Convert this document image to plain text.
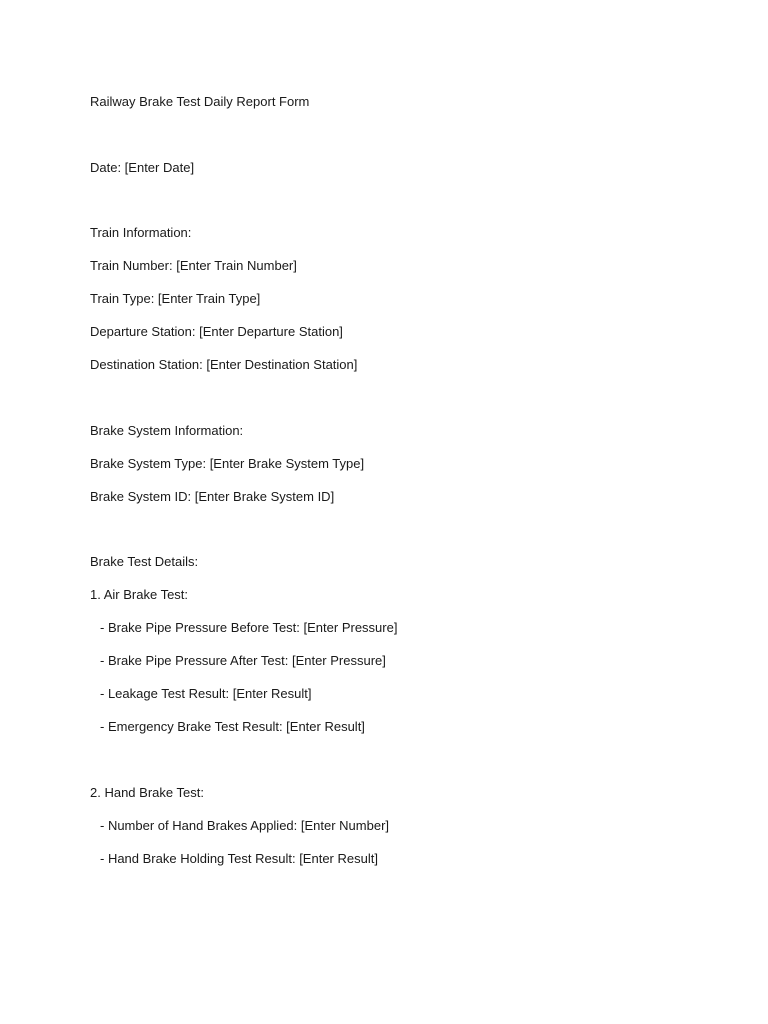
Railway Brake Test Daily Report Form
Date: [Enter Date]
Train Information:
Train Number: [Enter Train Number]
Train Type: [Enter Train Type]
Departure Station: [Enter Departure Station]
Destination Station: [Enter Destination Station]
Brake System Information:
Brake System Type: [Enter Brake System Type]
Brake System ID: [Enter Brake System ID]
Brake Test Details:
1. Air Brake Test:
- Brake Pipe Pressure Before Test: [Enter Pressure]
- Brake Pipe Pressure After Test: [Enter Pressure]
- Leakage Test Result: [Enter Result]
- Emergency Brake Test Result: [Enter Result]
2. Hand Brake Test:
- Number of Hand Brakes Applied: [Enter Number]
- Hand Brake Holding Test Result: [Enter Result]
